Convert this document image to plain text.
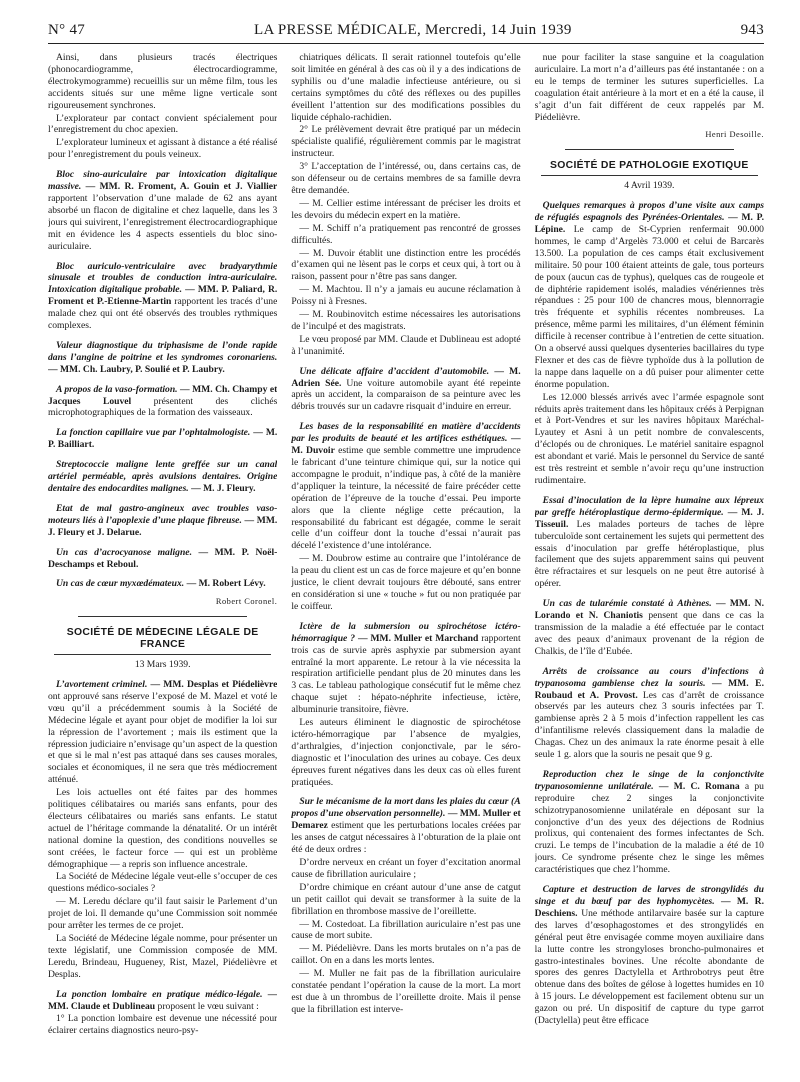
N° 47	LA PRESSE MÉDICALE, Mercredi, 14 Juin 1939	943

Ainsi, dans plusieurs tracés électriques (phonocardiogramme, électrocardiogramme, électrokymogramme) recueillis sur un même film, tous les accidents situés sur une même ligne verticale sont rigoureusement synchrones.

L’explorateur par contact convient spécialement pour l’enregistrement du choc apexien.

L’explorateur lumineux et agissant à distance a été réalisé pour l’enregistrement du pouls veineux.

Bloc sino-auriculaire par intoxication digitalique massive. — MM. R. Froment, A. Gouin et J. Viallier rapportent l’observation d’une malade de 62 ans ayant absorbé un flacon de digitaline et chez laquelle, dans les 3 jours qui suivirent, l’enregistrement électrocardiographique mit en évidence les 4 aspects essentiels du bloc sino-auriculaire.

Bloc auriculo-ventriculaire avec bradyarythmie sinusale et troubles de conduction intra-auriculaire. Intoxication digitalique probable. — MM. P. Paliard, R. Froment et P.-Etienne-Martin rapportent les tracés d’une malade chez qui ont été observés des troubles rythmiques complexes.

Valeur diagnostique du triphasisme de l’onde rapide dans l’angine de poitrine et les syndromes coronariens. — MM. Ch. Laubry, P. Soulié et P. Laubry.

A propos de la vaso-formation. — MM. Ch. Champy et Jacques Louvel présentent des clichés microphotographiques de la formation des vaisseaux.

La fonction capillaire vue par l’ophtalmologiste. — M. P. Bailliart.

Streptococcie maligne lente greffée sur un canal artériel perméable, après avulsions dentaires. Origine dentaire des endocardites malignes. — M. J. Fleury.

Etat de mal gastro-angineux avec troubles vaso-moteurs liés à l’apoplexie d’une plaque fibreuse. — MM. J. Fleury et J. Delarue.

Un cas d’acrocyanose maligne. — MM. P. Noël-Deschamps et Reboul.

Un cas de cœur myxœdémateux. — M. Robert Lévy.

Robert Coronel.
SOCIÉTÉ DE MÉDECINE LÉGALE DE FRANCE
13 Mars 1939.

L’avortement criminel. — MM. Desplas et Piédelièvre ont approuvé sans réserve l’exposé de M. Mazel et voté le vœu qu’il a précédemment soumis à la Société de Médecine légale et ayant pour objet de modifier la loi sur la répression de l’avortement ; mais ils estiment que la répression judiciaire n’envisage qu’un aspect de la question et que si le mal n’est pas attaqué dans ses causes morales, sociales et économiques, il ne sera que très médiocrement atténué.

Les lois actuelles ont été faites par des hommes politiques célibataires ou mariés sans enfants, pour des électeurs célibataires ou mariés sans enfants. Le statut actuel de l’héritage commande la dénatalité. Or un intérêt national domine la question, des conditions nouvelles se sont créées, le facteur force — qui est un problème démographique — a repris son influence ancestrale.

La Société de Médecine légale veut-elle s’occuper de ces questions médico-sociales ?

— M. Leredu déclare qu’il faut saisir le Parlement d’un projet de loi. Il demande qu’une Commission soit nommée pour arrêter les termes de ce projet.

La Société de Médecine légale nomme, pour présenter un texte législatif, une Commission composée de MM. Leredu, Brindeau, Hugueney, Rist, Mazel, Piédelièvre et Desplas.

La ponction lombaire en pratique médico-légale. — MM. Claude et Dublineau proposent le vœu suivant :

1° La ponction lombaire est devenue une nécessité pour éclairer certains diagnostics neuro-psy-

chiatriques délicats. Il serait rationnel toutefois qu’elle soit limitée en général à des cas où il y a des indications de syphilis ou d’une maladie infectieuse antérieure, ou si certains symptômes du côté des réflexes ou des pupilles éveillent l’attention sur des modifications possibles du liquide céphalo-rachidien.

2° Le prélèvement devrait être pratiqué par un médecin spécialiste qualifié, régulièrement commis par le magistrat instructeur.

3° L’acceptation de l’intéressé, ou, dans certains cas, de son défenseur ou de certains membres de sa famille devra être demandée.

— M. Cellier estime intéressant de préciser les droits et les devoirs du médecin expert en la matière.

— M. Schiff n’a pratiquement pas rencontré de grosses difficultés.

— M. Duvoir établit une distinction entre les procédés d’examen qui ne lèsent pas le corps et ceux qui, à tort ou à raison, passent pour n’être pas sans danger.

— M. Machtou. Il n’y a jamais eu aucune réclamation à Poissy ni à Fresnes.

— M. Roubinovitch estime nécessaires les autorisations de l’inculpé et des magistrats.

Le vœu proposé par MM. Claude et Dublineau est adopté à l’unanimité.

Une délicate affaire d’accident d’automobile. — M. Adrien Sée. Une voiture automobile ayant été repeinte après un accident, la comparaison de sa peinture avec les débris trouvés sur un cadavre risquait d’induire en erreur.

Les bases de la responsabilité en matière d’accidents par les produits de beauté et les artifices esthétiques. — M. Duvoir estime que semble commettre une imprudence le fabricant d’une teinture chimique qui, sur la notice qui accompagne le produit, n’indique pas, à côté de la manière d’appliquer la teinture, la nécessité de faire précéder cette opération de l’épreuve de la touche d’essai. Peu importe alors que la cliente néglige cette précaution, la responsabilité du fabricant est dégagée, comme le serait celle d’un coiffeur dont la touche d’essai n’aurait pas décelé l’existence d’une intolérance.

— M. Doubrow estime au contraire que l’intolérance de la peau du client est un cas de force majeure et qu’en bonne justice, le client devrait toujours être débouté, sans entrer en considération si une « touche » fut ou non pratiquée par le coiffeur.

Ictère de la submersion ou spirochétose ictéro-hémorragique ? — MM. Muller et Marchand rapportent trois cas de survie après asphyxie par submersion ayant entraîné la mort apparente. Le retour à la vie nécessita la respiration artificielle pendant plus de 20 minutes dans les 3 cas. Le tableau pathologique consécutif fut le même chez chaque sujet : hépato-néphrite infectieuse, ictère, albuminurie transitoire, fièvre.

Les auteurs éliminent le diagnostic de spirochétose ictéro-hémorragique par l’absence de myalgies, d’arthralgies, d’injection conjonctivale, par le séro-diagnostic et l’inoculation des urines au cobaye. Ces deux épreuves furent négatives dans les deux cas où elles furent pratiquées.

Sur le mécanisme de la mort dans les plaies du cœur (A propos d’une observation personnelle). — MM. Muller et Demarez estiment que les perturbations locales créées par les anses de catgut nécessaires à l’obturation de la plaie ont été de deux ordres :

D’ordre nerveux en créant un foyer d’excitation anormal cause de fibrillation auriculaire ;

D’ordre chimique en créant autour d’une anse de catgut un petit caillot qui devait se transformer à la suite de la fibrillation en thrombose massive de l’oreillette.

— M. Costedoat. La fibrillation auriculaire n’est pas une cause de mort subite.

— M. Piédelièvre. Dans les morts brutales on n’a pas de caillot. On en a dans les morts lentes.

— M. Muller ne fait pas de la fibrillation auriculaire constatée pendant l’opération la cause de la mort. La mort est due à un thrombus de l’oreillette droite. Mais il pense que la fibrillation est interve-

nue pour faciliter la stase sanguine et la coagulation auriculaire. La mort n’a d’ailleurs pas été instantanée : on a eu le temps de terminer les sutures superficielles. La coagulation était antérieure à la mort et en a été la cause, il s’agit d’un fait différent de ceux rappelés par M. Piédelièvre.

Henri Desoille.
SOCIÉTÉ DE PATHOLOGIE EXOTIQUE
4 Avril 1939.

Quelques remarques à propos d’une visite aux camps de réfugiés espagnols des Pyrénées-Orientales. — M. P. Lépine. Le camp de St-Cyprien renfermait 90.000 hommes, le camp d’Argelès 73.000 et celui de Barcarès 13.500. La population de ces camps était exclusivement militaire. 50 pour 100 étaient atteints de gale, tous porteurs de poux (aucun cas de typhus), quelques cas de rougeole et de diphtérie rapidement isolés, maladies vénériennes très répandues : 25 pour 100 de chancres mous, blennorragie très fréquente et syphilis récentes nombreuses. La présence, même parmi les militaires, d’un élément féminin difficile à recenser contribue à l’entretien de cette situation. On a observé aussi quelques dysenteries bacillaires du type Flexner et des cas de fièvre typhoïde dus à la pollution de la nappe dans laquelle on a dû puiser pour alimenter cette énorme population.

Les 12.000 blessés arrivés avec l’armée espagnole sont réduits après traitement dans les hôpitaux créés à Perpignan et à Port-Vendres et sur les navires hôpitaux Maréchal-Lyautey et Asni à un petit nombre de convalescents, d’éclopés ou de chroniques. Le matériel sanitaire espagnol est abondant et varié. Mais le personnel du Service de santé est très restreint et semble n’avoir reçu qu’une instruction rudimentaire.

Essai d’inoculation de la lèpre humaine aux lépreux par greffe hétéroplastique dermo-épidermique. — M. J. Tisseuil. Les malades porteurs de taches de lèpre tuberculoïde sont certainement les sujets qui permettent des essais d’inoculation par greffe hétéroplastique, plus facilement que des sujets apparemment sains qui peuvent être réfractaires et sur lesquels on ne peut être autorisé à opérer.

Un cas de tularémie constaté à Athènes. — MM. N. Lorando et N. Chaniotis pensent que dans ce cas la transmission de la maladie a été effectuée par le contact avec des peaux d’animaux provenant de la région de Chalkis, de l’île d’Eubée.

Arrêts de croissance au cours d’infections à trypanosoma gambiense chez la souris. — MM. E. Roubaud et A. Provost. Les cas d’arrêt de croissance observés par les auteurs chez 3 souris infectées par T. gambiense après 2 à 5 mois d’infection rappellent les cas d’infantilisme relevés classiquement dans la maladie de Chagas. Chez un des animaux la rate énorme pesait à elle seule 1 g. alors que la souris ne pesait que 9 g.

Reproduction chez le singe de la conjonctivite trypanosomienne unilatérale. — M. C. Romana a pu reproduire chez 2 singes la conjonctivite schizotrypanosomienne unilatérale en déposant sur la conjonctive d’un des yeux des déjections de Rodnius prolixus, qui contenaient des formes infectantes de Sch. cruzi. Le temps de l’incubation de la maladie a été de 10 jours. Ce syndrome présente chez le singe les mêmes caractéristiques que chez l’homme.

Capture et destruction de larves de strongylidés du singe et du bœuf par des hyphomycètes. — M. R. Deschiens. Une méthode antilarvaire basée sur la capture des larves d’œsophagostomes et des strongylidés en général peut être envisagée comme moyen auxiliaire dans la lutte contre les strongyloses broncho-pulmonaires et gastro-intestinales bovines. Une récolte abondante de spores des genres Dactylella et Arthrobotrys peut être obtenue dans des boîtes de gélose à logettes humides en 10 à 15 jours. Le développement est facilement obtenu sur un gazon ou pré. Un dispositif de capture du type garrot (Dactylella) peut être efficace
